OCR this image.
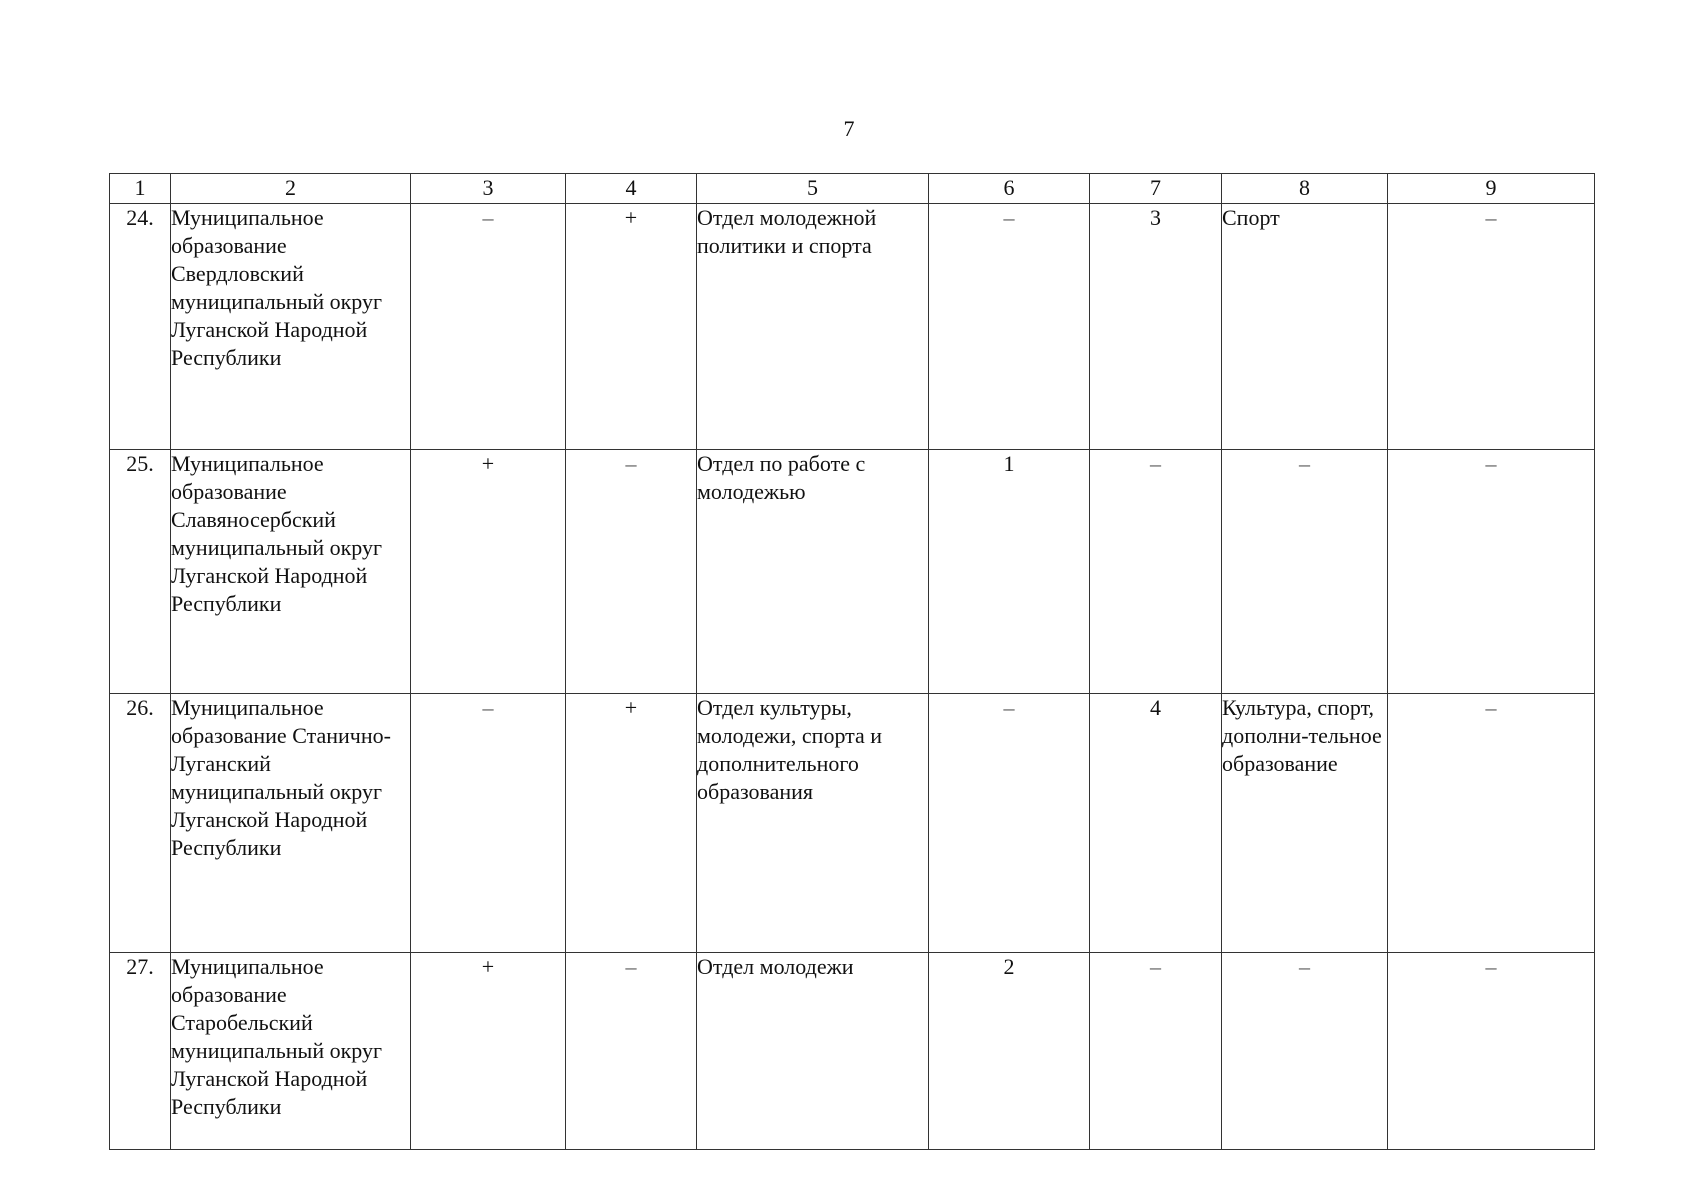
7
1	2	3	4	5	6	7	8	9
24.	Муниципальное образование Свердловский муниципальный округ Луганской Народной Республики	–	+	Отдел молодежной политики и спорта	–	3	Спорт	–
25.	Муниципальное образование Славяносербский муниципальный округ Луганской Народной Республики	+	–	Отдел по работе с молодежью	1	–	–	–
26.	Муниципальное образование Станично-Луганский муниципальный округ Луганской Народной Республики	–	+	Отдел культуры, молодежи, спорта и дополнительного образования	–	4	Культура, спорт, дополни-тельное образование	–
27.	Муниципальное образование Старобельский муниципальный округ Луганской Народной Республики	+	–	Отдел молодежи	2	–	–	–
